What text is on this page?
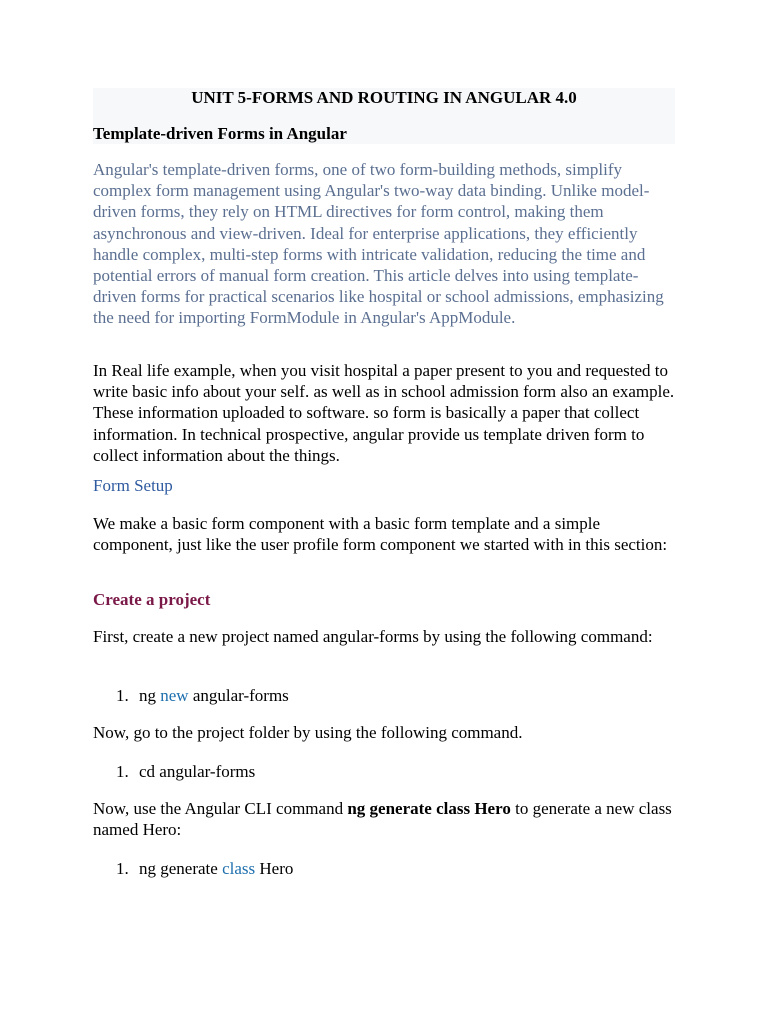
UNIT 5-FORMS AND ROUTING IN ANGULAR 4.0
Template-driven Forms in Angular

Angular's template-driven forms, one of two form-building methods, simplify complex form management using Angular's two-way data binding. Unlike model-driven forms, they rely on HTML directives for form control, making them asynchronous and view-driven. Ideal for enterprise applications, they efficiently handle complex, multi-step forms with intricate validation, reducing the time and potential errors of manual form creation. This article delves into using template-driven forms for practical scenarios like hospital or school admissions, emphasizing the need for importing FormModule in Angular's AppModule.

In Real life example, when you visit hospital a paper present to you and requested to write basic info about your self. as well as in school admission form also an example. These information uploaded to software. so form is basically a paper that collect information. In technical prospective, angular provide us template driven form to collect information about the things.

Form Setup

We make a basic form component with a basic form template and a simple component, just like the user profile form component we started with in this section:

Create a project

First, create a new project named angular-forms by using the following command:

1. ng new angular-forms

Now, go to the project folder by using the following command.

1. cd angular-forms

Now, use the Angular CLI command ng generate class Hero to generate a new class named Hero:

1. ng generate class Hero
